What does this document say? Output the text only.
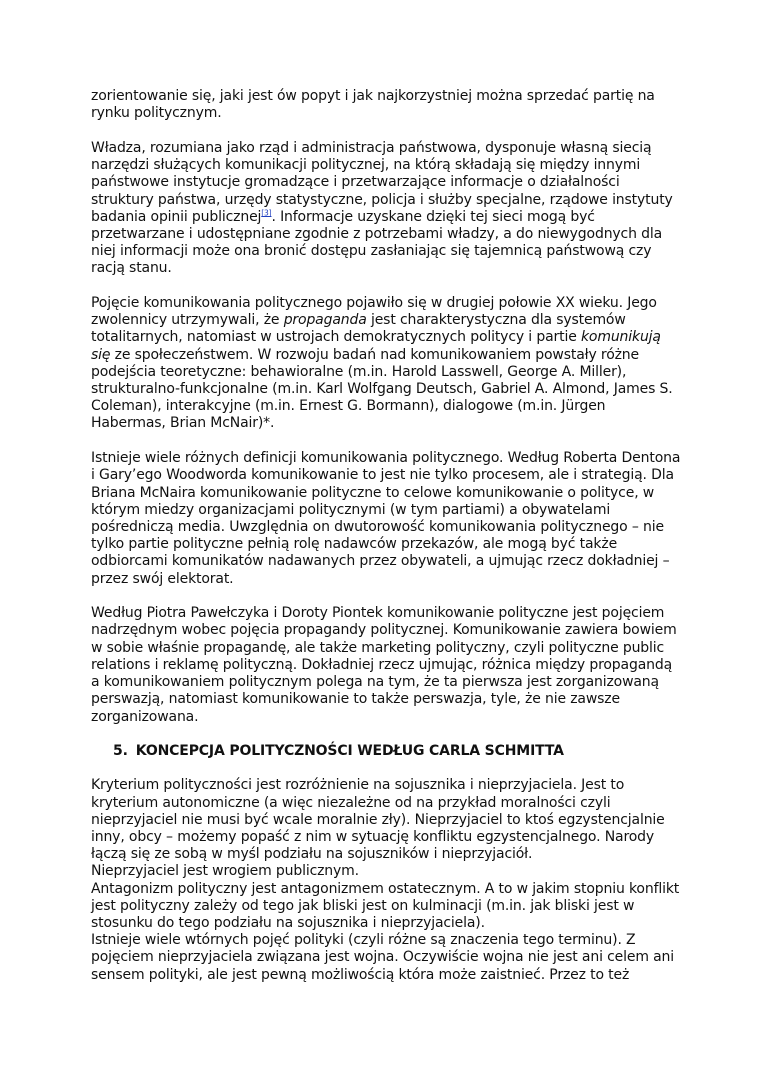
zorientowanie się, jaki jest ów popyt i jak najkorzystniej można sprzedać partię na rynku politycznym.

Władza, rozumiana jako rząd i administracja państwowa, dysponuje własną siecią narzędzi służących komunikacji politycznej, na którą składają się między innymi państwowe instytucje gromadzące i przetwarzające informacje o działalności struktury państwa, urzędy statystyczne, policja i służby specjalne, rządowe instytuty badania opinii publicznej[3]. Informacje uzyskane dzięki tej sieci mogą być przetwarzane i udostępniane zgodnie z potrzebami władzy, a do niewygodnych dla niej informacji może ona bronić dostępu zasłaniając się tajemnicą państwową czy racją stanu.

Pojęcie komunikowania politycznego pojawiło się w drugiej połowie XX wieku. Jego zwolennicy utrzymywali, że propaganda jest charakterystyczna dla systemów totalitarnych, natomiast w ustrojach demokratycznych politycy i partie komunikują się ze społeczeństwem. W rozwoju badań nad komunikowaniem powstały różne podejścia teoretyczne: behawioralne (m.in. Harold Lasswell, George A. Miller), strukturalno-funkcjonalne (m.in. Karl Wolfgang Deutsch, Gabriel A. Almond, James S. Coleman), interakcyjne (m.in. Ernest G. Bormann), dialogowe (m.in. Jürgen Habermas, Brian McNair)*.

Istnieje wiele różnych definicji komunikowania politycznego. Według Roberta Dentona i Gary’ego Woodworda komunikowanie to jest nie tylko procesem, ale i strategią. Dla Briana McNaira komunikowanie polityczne to celowe komunikowanie o polityce, w którym miedzy organizacjami politycznymi (w tym partiami) a obywatelami pośredniczą media. Uwzględnia on dwutorowość komunikowania politycznego – nie tylko partie polityczne pełnią rolę nadawców przekazów, ale mogą być także odbiorcami komunikatów nadawanych przez obywateli, a ujmując rzecz dokładniej – przez swój elektorat.

Według Piotra Pawełczyka i Doroty Piontek komunikowanie polityczne jest pojęciem nadrzędnym wobec pojęcia propagandy politycznej. Komunikowanie zawiera bowiem w sobie właśnie propagandę, ale także marketing polityczny, czyli polityczne public relations i reklamę polityczną. Dokładniej rzecz ujmując, różnica między propagandą a komunikowaniem politycznym polega na tym, że ta pierwsza jest zorganizowaną perswazją, natomiast komunikowanie to także perswazja, tyle, że nie zawsze zorganizowana.

5. KONCEPCJA POLITYCZNOŚCI WEDŁUG CARLA SCHMITTA

Kryterium polityczności jest rozróżnienie na sojusznika i nieprzyjaciela. Jest to kryterium autonomiczne (a więc niezależne od na przykład moralności czyli nieprzyjaciel nie musi być wcale moralnie zły). Nieprzyjaciel to ktoś egzystencjalnie inny, obcy – możemy popaść z nim w sytuację konfliktu egzystencjalnego. Narody łączą się ze sobą w myśl podziału na sojuszników i nieprzyjaciół.

Nieprzyjaciel jest wrogiem publicznym.

Antagonizm polityczny jest antagonizmem ostatecznym. A to w jakim stopniu konflikt jest polityczny zależy od tego jak bliski jest on kulminacji (m.in. jak bliski jest w stosunku do tego podziału na sojusznika i nieprzyjaciela).

Istnieje wiele wtórnych pojęć polityki (czyli różne są znaczenia tego terminu). Z pojęciem nieprzyjaciela związana jest wojna. Oczywiście wojna nie jest ani celem ani sensem polityki, ale jest pewną możliwością która może zaistnieć. Przez to też
